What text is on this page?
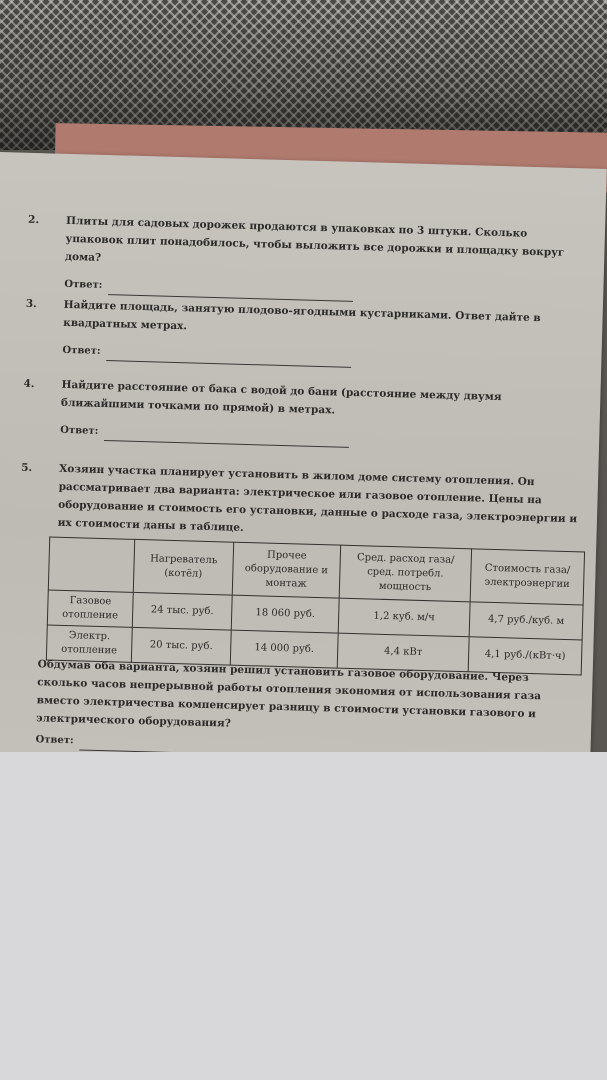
2.	Плиты для садовых дорожек продаются в упаковках по 3 штуки. Сколько упаковок плит понадобилось, чтобы выложить все дорожки и площадку вокруг дома?
Ответ:
3.	Найдите площадь, занятую плодово-ягодными кустарниками. Ответ дайте в квадратных метрах.
Ответ:
4.	Найдите расстояние от бака с водой до бани (расстояние между двумя ближайшими точками по прямой) в метрах.
Ответ:
5.	Хозяин участка планирует установить в жилом доме систему отопления. Он рассматривает два варианта: электрическое или газовое отопление. Цены на оборудование и стоимость его установки, данные о расходе газа, электроэнергии и их стоимости даны в таблице.
	Нагреватель (котёл)	Прочее оборудование и монтаж	Сред. расход газа/сред. потребл. мощность	Стоимость газа/ электроэнергии
Газовое отопление	24 тыс. руб.	18 060 руб.	1,2 куб. м/ч	4,7 руб./куб. м
Электр. отопление	20 тыс. руб.	14 000 руб.	4,4 кВт	4,1 руб./(кВт·ч)
Обдумав оба варианта, хозяин решил установить газовое оборудование. Через сколько часов непрерывной работы отопления экономия от использования газа вместо электричества компенсирует разницу в стоимости установки газового и электрического оборудования?
Ответ:
